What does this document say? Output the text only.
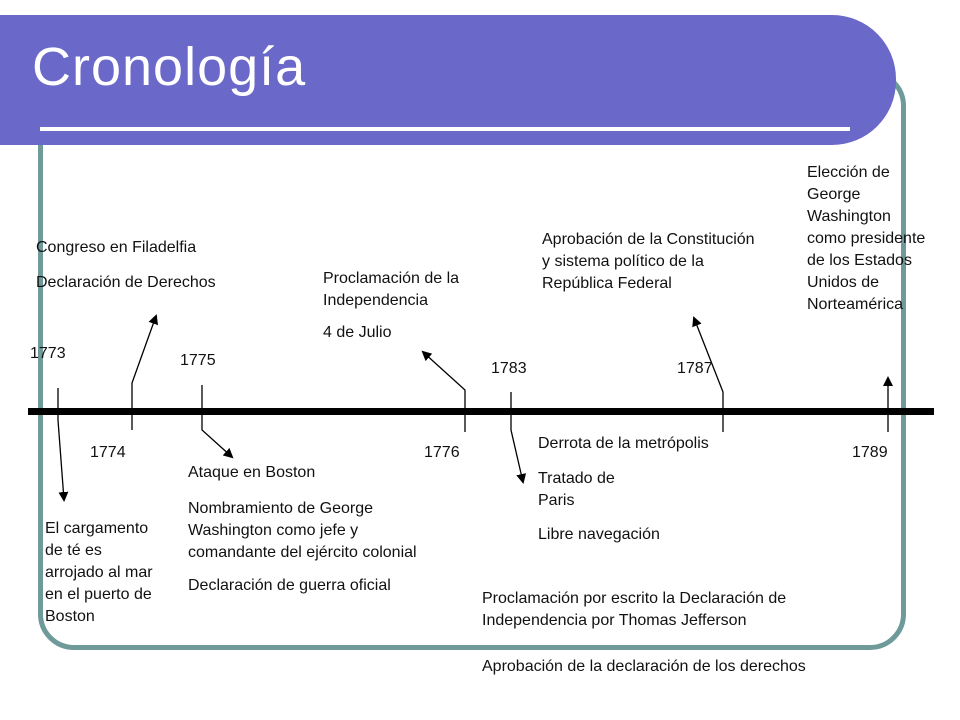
Cronología

1773

1774

1775

1776

1783	1787

1789

El cargamento
de té es
arrojado al mar
en el puerto de
Boston

Congreso en Filadelfia

Declaración de Derechos

Ataque en Boston

Nombramiento de George
Washington como jefe y
comandante del ejército colonial

Declaración de guerra oficial

Proclamación de la
Independencia

4 de Julio

Proclamación por escrito la Declaración de
Independencia por Thomas Jefferson

Aprobación de la declaración de los derechos

Derrota de la metrópolis

Tratado de
Paris

Libre navegación

Aprobación de la Constitución
y sistema político de la
República Federal
Elección de
George
Washington
como presidente
de los Estados
Unidos de
Norteamérica
